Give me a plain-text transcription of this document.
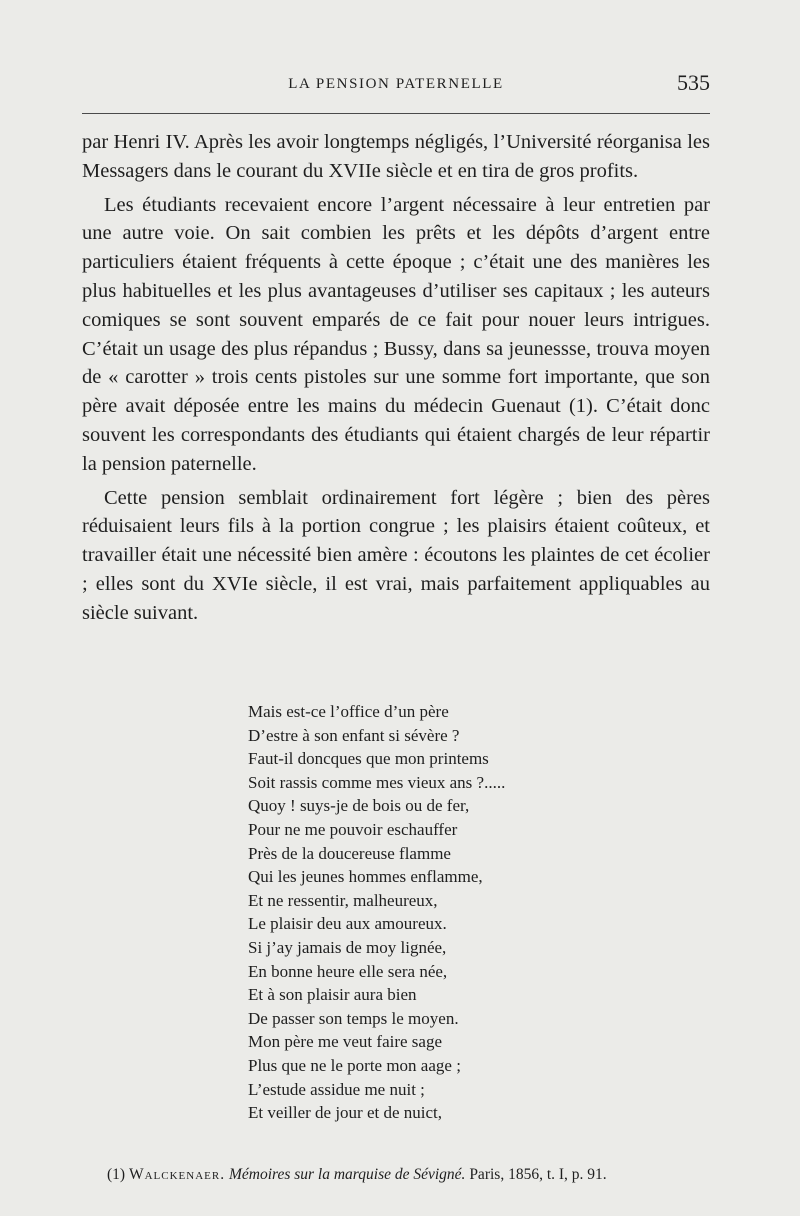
LA PENSION PATERNELLE	535

par Henri IV. Après les avoir longtemps négligés, l’Université réorganisa les Messagers dans le courant du XVIIe siècle et en tira de gros profits.

Les étudiants recevaient encore l’argent nécessaire à leur entretien par une autre voie. On sait combien les prêts et les dépôts d’argent entre particuliers étaient fréquents à cette époque ; c’était une des manières les plus habituelles et les plus avantageuses d’utiliser ses capitaux ; les auteurs comiques se sont souvent emparés de ce fait pour nouer leurs intrigues. C’était un usage des plus répandus ; Bussy, dans sa jeunessse, trouva moyen de « carotter » trois cents pistoles sur une somme fort importante, que son père avait déposée entre les mains du médecin Guenaut (1). C’était donc souvent les correspondants des étudiants qui étaient chargés de leur répartir la pension paternelle.

Cette pension semblait ordinairement fort légère ; bien des pères réduisaient leurs fils à la portion congrue ; les plaisirs étaient coûteux, et travailler était une nécessité bien amère : écoutons les plaintes de cet écolier ; elles sont du XVIe siècle, il est vrai, mais parfaitement appliquables au siècle suivant.

Mais est-ce l’office d’un père
D’estre à son enfant si sévère ?
Faut-il doncques que mon printems
Soit rassis comme mes vieux ans ?.....
Quoy ! suys-je de bois ou de fer,
Pour ne me pouvoir eschauffer
Près de la doucereuse flamme
Qui les jeunes hommes enflamme,
Et ne ressentir, malheureux,
Le plaisir deu aux amoureux.
Si j’ay jamais de moy lignée,
En bonne heure elle sera née,
Et à son plaisir aura bien
De passer son temps le moyen.
Mon père me veut faire sage
Plus que ne le porte mon aage ;
L’estude assidue me nuit ;
Et veiller de jour et de nuict,
(1) Walckenaer. Mémoires sur la marquise de Sévigné. Paris, 1856, t. I, p. 91.
